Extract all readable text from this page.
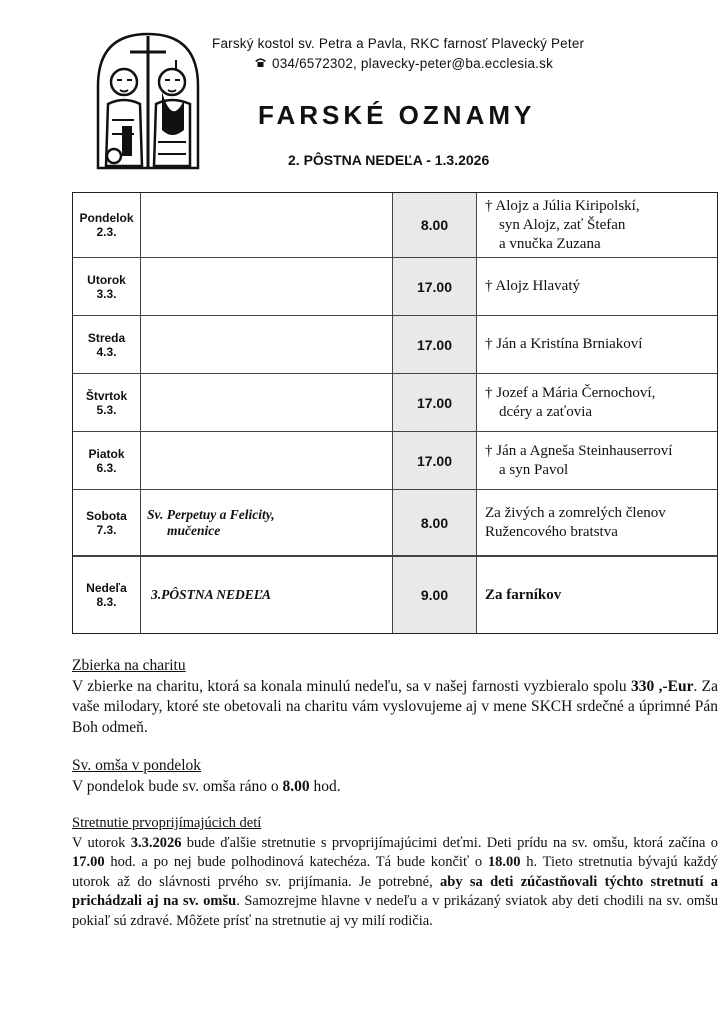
Farský kostol sv. Petra a Pavla, RKC farnosť Plavecký Peter
034/6572302, plavecky-peter@ba.ecclesia.sk
FARSKÉ OZNAMY
2. PÔSTNA NEDEĽA - 1.3.2026
Pondelok
2.3.	8.00
† Alojz a Júlia Kiripolskí,
syn Alojz, zať Štefan
a vnučka Zuzana
Utorok
3.3.	17.00	† Alojz Hlavatý
Streda
4.3.	17.00	† Ján a Kristína Brniakoví
Štvrtok
5.3.	17.00
† Jozef a Mária Černochoví,
dcéry a zaťovia
Piatok
6.3.	17.00
† Ján a Agneša Steinhauserroví
a syn Pavol
Sobota
7.3.
Sv. Perpetuy a Felicity,
mučenice	8.00
Za živých a zomrelých členov
Ružencového bratstva
Nedeľa
8.3.	3.PÔSTNA NEDEĽA	9.00	Za farníkov
Zbierka na charitu
V zbierke na charitu, ktorá sa konala minulú nedeľu, sa v našej farnosti vyzbieralo spolu 330 ,-Eur. Za vaše milodary, ktoré ste obetovali na charitu vám vyslovujeme aj v mene SKCH srdečné a úprimné Pán Boh odmeň.
Sv. omša v pondelok
V pondelok bude sv. omša ráno o 8.00 hod.
Stretnutie prvoprijímajúcich detí
V utorok 3.3.2026 bude ďalšie stretnutie s prvoprijímajúcimi deťmi. Deti prídu na sv. omšu, ktorá začína o 17.00 hod. a po nej bude polhodinová katechéza. Tá bude končiť o 18.00 h. Tieto stretnutia bývajú každý utorok až do slávnosti prvého sv. prijímania. Je potrebné, aby sa deti zúčastňovali týchto stretnutí a prichádzali aj na sv. omšu. Samozrejme hlavne v nedeľu a v prikázaný sviatok aby deti chodili na sv. omšu pokiaľ sú zdravé. Môžete prísť na stretnutie aj vy milí rodičia.
